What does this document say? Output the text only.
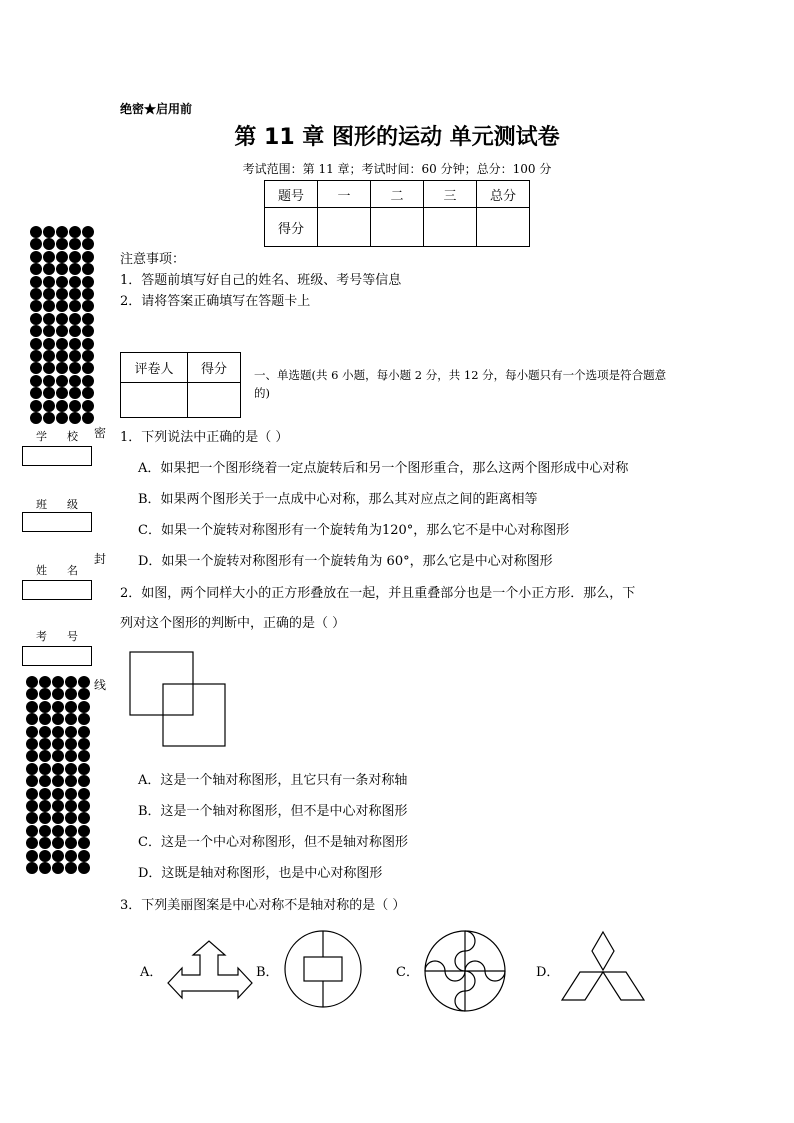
绝密★启用前
第 11 章 图形的运动 单元测试卷
考试范围：第 11 章；考试时间：60 分钟；总分：100 分
题号	一	二	三	总分
得分				
注意事项：
1．答题前填写好自己的姓名、班级、考号等信息
2．请将答案正确填写在答题卡上
评卷人	得分
	一、单选题(共 6 小题，每小题 2 分，共 12 分，每小题只有一个选项是符合题意的)
学校
班级
姓名
考号
密
封
线
1．下列说法中正确的是（ ）
A．如果把一个图形绕着一定点旋转后和另一个图形重合，那么这两个图形成中心对称
B．如果两个图形关于一点成中心对称，那么其对应点之间的距离相等
C．如果一个旋转对称图形有一个旋转角为120°，那么它不是中心对称图形
D．如果一个旋转对称图形有一个旋转角为 60°，那么它是中心对称图形
2．如图，两个同样大小的正方形叠放在一起，并且重叠部分也是一个小正方形．那么，下
列对这个图形的判断中，正确的是（ ）
A．这是一个轴对称图形，且它只有一条对称轴
B．这是一个轴对称图形，但不是中心对称图形
C．这是一个中心对称图形，但不是轴对称图形
D．这既是轴对称图形，也是中心对称图形
3．下列美丽图案是中心对称不是轴对称的是（ ）
A．	B．	C．	D．
